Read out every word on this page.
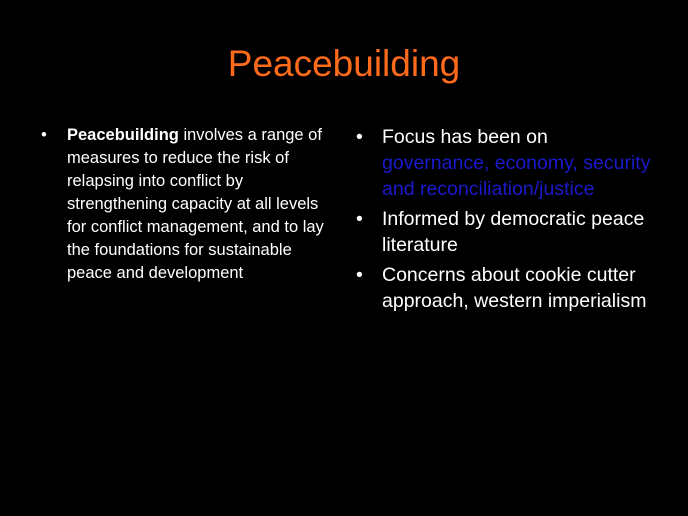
Peacebuilding
• Peacebuilding involves a range of measures to reduce the risk of relapsing into conflict by strengthening capacity at all levels for conflict management, and to lay the foundations for sustainable peace and development
• Focus has been on governance, economy, security and reconciliation/justice
• Informed by democratic peace literature
• Concerns about cookie cutter approach, western imperialism
